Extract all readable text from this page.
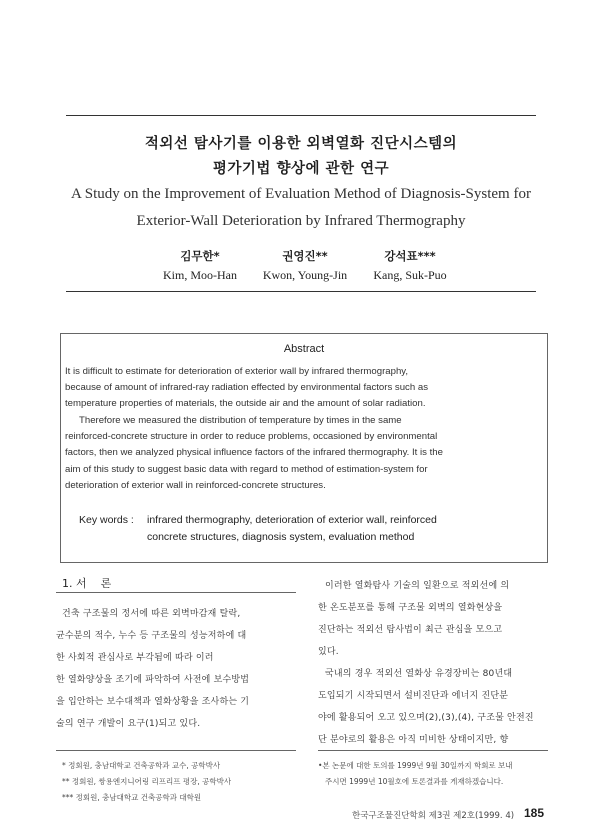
적외선 탐사기를 이용한 외벽열화 진단시스템의
평가기법 향상에 관한 연구
A Study on the Improvement of Evaluation Method of Diagnosis-System for
Exterior-Wall Deterioration by Infrared Thermography
김무한*
Kim, Moo-Han
권영진**
Kwon, Young-Jin
강석표***
Kang, Suk-Puo
Abstract
It is difficult to estimate for deterioration of exterior wall by infrared thermography,
because of amount of infrared-ray radiation effected by environmental factors such as
temperature properties of materials, the outside air and the amount of solar radiation.
Therefore we measured the distribution of temperature by times in the same
reinforced-concrete structure in order to reduce problems, occasioned by environmental
factors, then we analyzed physical influence factors of the infrared thermography. It is the
aim of this study to suggest basic data with regard to method of estimation-system for
deterioration of exterior wall in reinforced-concrete structures.
Key words : infrared thermography, deterioration of exterior wall, reinforced
concrete structures, diagnosis system, evaluation method
1. 서    론
건축 구조물의 정서에 따른 외벽마감재 탈락,
균수분의 적수, 누수 등 구조물의 성능저하에 대
한 사회적 관심사로 부각됨에 따라 이러
한 열화양상을 조기에 파악하여 사전에 보수방법
을 입안하는 보수대책과 열화상황을 조사하는 기
술의 연구 개발이 요구(1)되고 있다.
이러한 열화탐사 기술의 일환으로 적외선에 의
한 온도분포를 통해 구조물 외벽의 열화현상을
진단하는 적외선 탐사법이 최근 관심을 모으고
있다.
국내의 경우 적외선 열화상 유경장비는 80년대
도입되기 시작되면서 설비진단과 에너지 진단분
야에 활용되어 오고 있으며(2),(3),(4), 구조물 안전진
단 분야로의 활용은 아직 미비한 상태이지만, 향
* 정회원, 충남대학교 건축공학과 교수, 공학박사
** 정회원, 쌍용엔지니어링 리프리프 평장, 공학박사
*** 정회원, 충남대학교 건축공학과 대학원
•본 논문에 대한 토의를 1999년 9월 30일까지 학회로 보내
주시면 1999년 10월호에 토론결과를 게재하겠습니다.
한국구조물진단학회 제3권 제2호(1999. 4) 185
